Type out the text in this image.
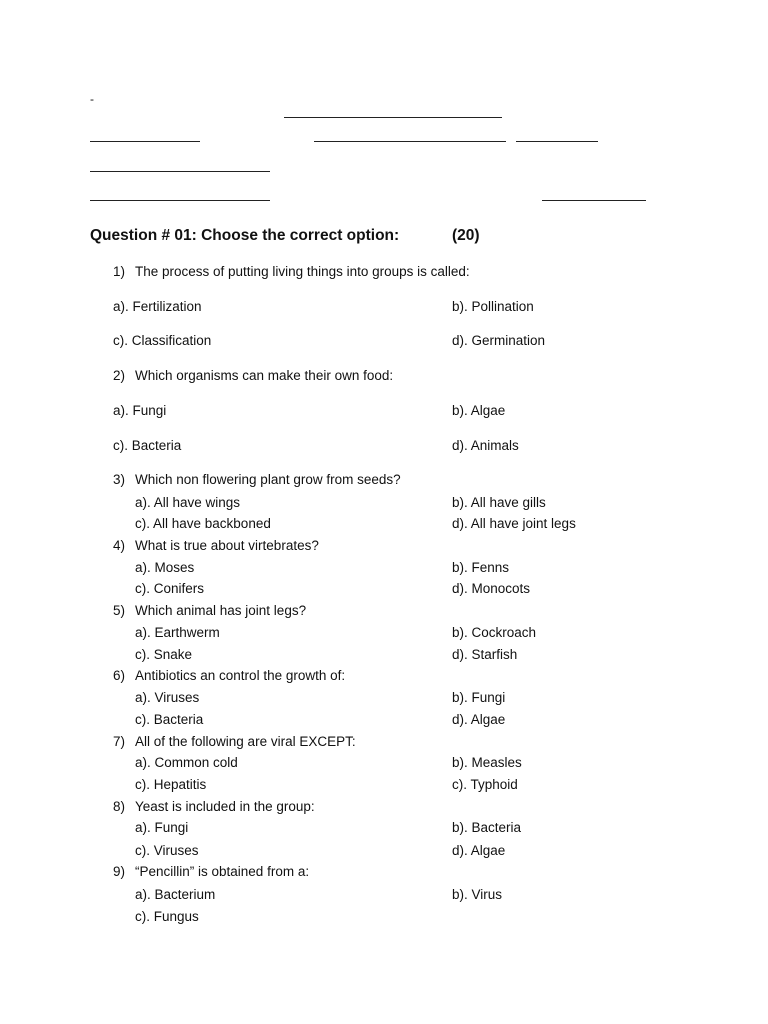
-
Question # 01: Choose the correct option:	(20)
1) The process of putting living things into groups is called:
a). Fertilization	b). Pollination
c). Classification	d). Germination
2) Which organisms can make their own food:
a). Fungi	b). Algae
c). Bacteria	d). Animals
3) Which non flowering plant grow from seeds?
a). All have wings	b). All have gills
c). All have backboned	d). All have joint legs
4) What is true about virtebrates?
a). Moses	b). Fenns
c). Conifers	d). Monocots
5) Which animal has joint legs?
a). Earthwerm	b). Cockroach
c). Snake	d). Starfish
6) Antibiotics an control the growth of:
a). Viruses	b). Fungi
c). Bacteria	d). Algae
7) All of the following are viral EXCEPT:
a). Common cold	b). Measles
c). Hepatitis	c). Typhoid
8) Yeast is included in the group:
a). Fungi	b). Bacteria
c). Viruses	d). Algae
9) “Pencillin” is obtained from a:
a). Bacterium	b). Virus
c). Fungus
